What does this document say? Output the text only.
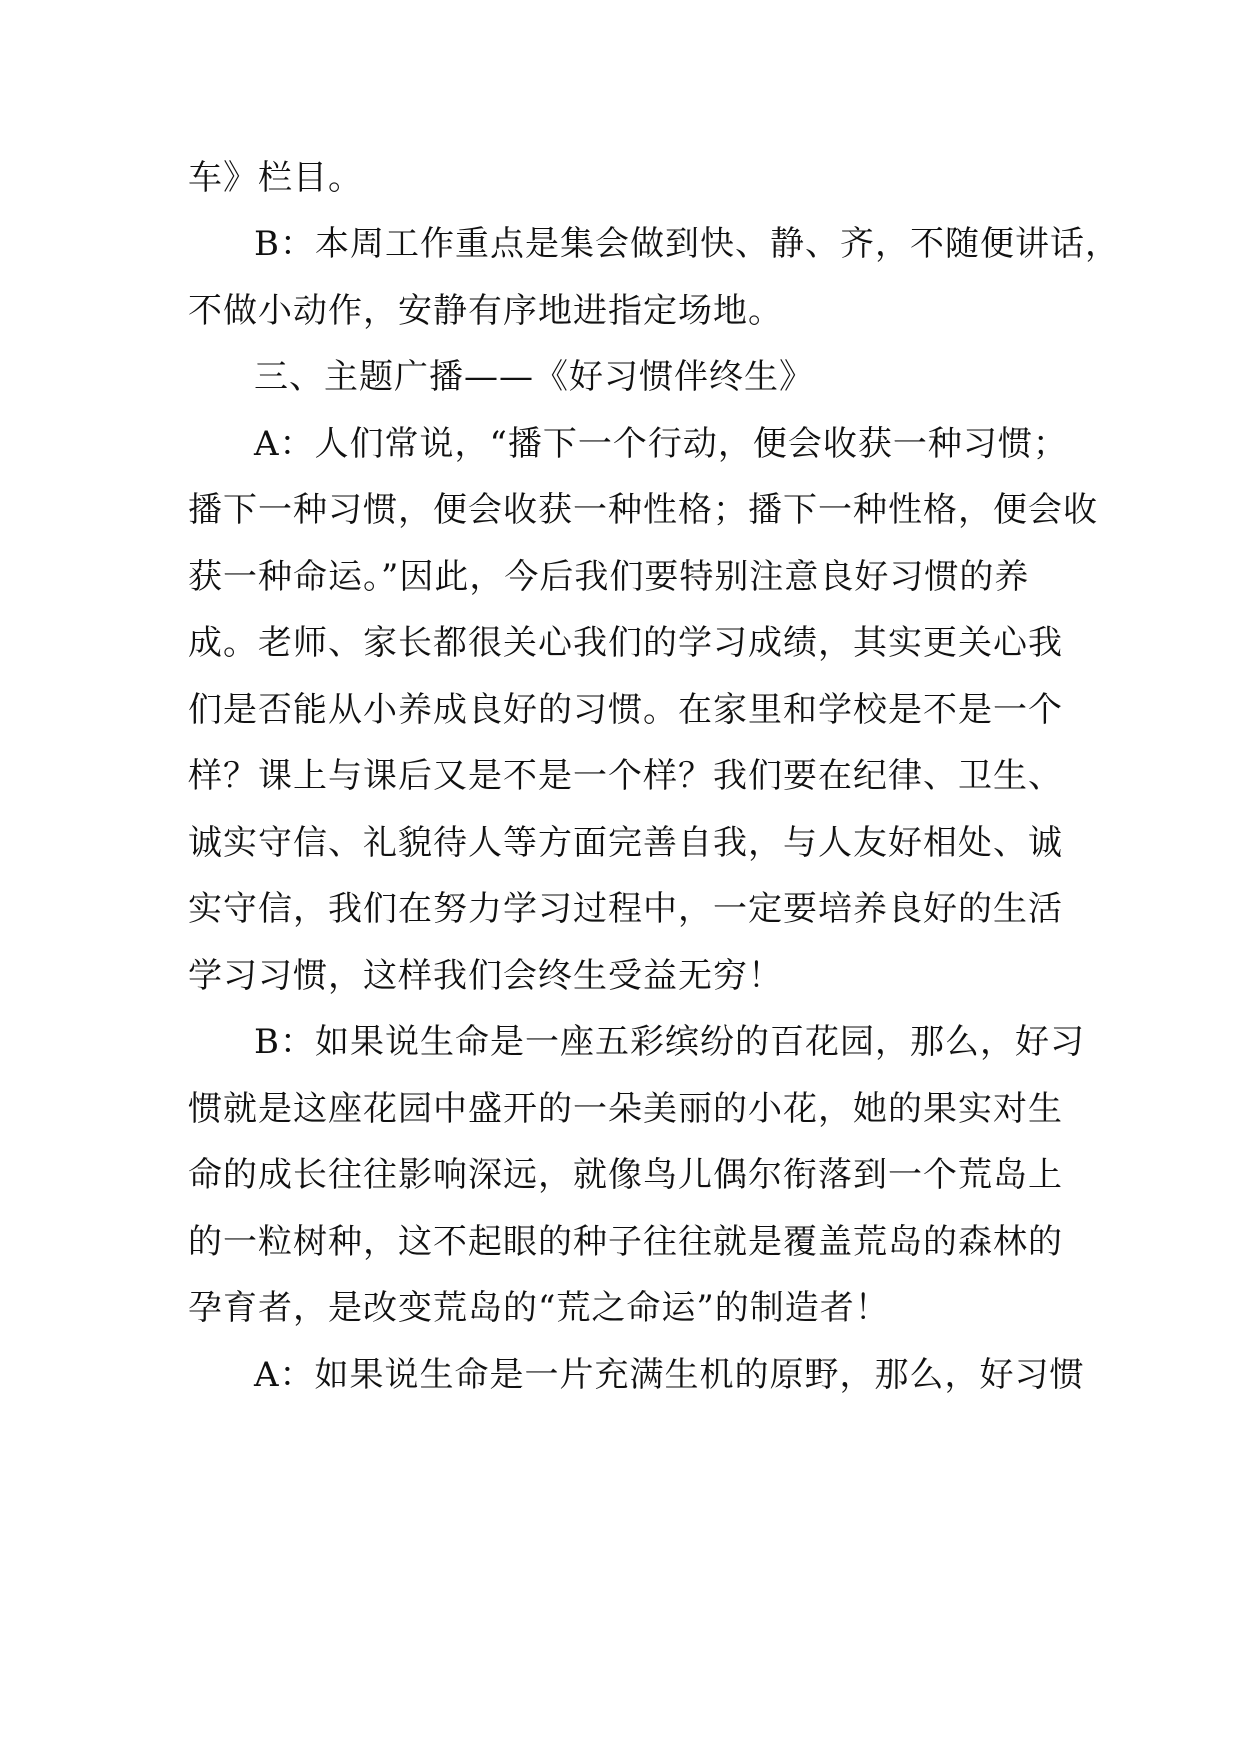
车》栏目。
B：本周工作重点是集会做到快、静、齐，不随便讲话，
不做小动作，安静有序地进指定场地。
三、主题广播——《好习惯伴终生》
A：人们常说，“播下一个行动，便会收获一种习惯；
播下一种习惯，便会收获一种性格；播下一种性格，便会收
获一种命运。”因此，今后我们要特别注意良好习惯的养
成。老师、家长都很关心我们的学习成绩，其实更关心我
们是否能从小养成良好的习惯。在家里和学校是不是一个
样？课上与课后又是不是一个样？我们要在纪律、卫生、
诚实守信、礼貌待人等方面完善自我，与人友好相处、诚
实守信，我们在努力学习过程中，一定要培养良好的生活
学习习惯，这样我们会终生受益无穷！
B：如果说生命是一座五彩缤纷的百花园，那么，好习
惯就是这座花园中盛开的一朵美丽的小花，她的果实对生
命的成长往往影响深远，就像鸟儿偶尔衔落到一个荒岛上
的一粒树种，这不起眼的种子往往就是覆盖荒岛的森林的
孕育者，是改变荒岛的“荒之命运”的制造者！
A：如果说生命是一片充满生机的原野，那么，好习惯
